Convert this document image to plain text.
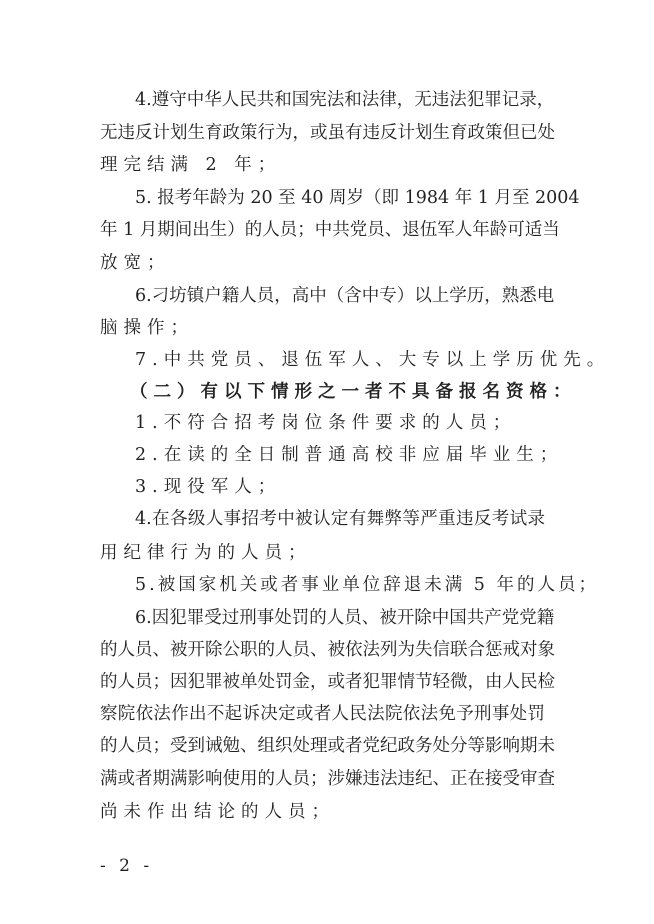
4.遵守中华人民共和国宪法和法律，无违法犯罪记录，
无违反计划生育政策行为，或虽有违反计划生育政策但已处
理完结满 2 年；
5. 报考年龄为 20 至 40 周岁（即 1984 年 1 月至 2004
年 1 月期间出生）的人员；中共党员、退伍军人年龄可适当
放宽；
6.刁坊镇户籍人员，高中（含中专）以上学历，熟悉电
脑操作；
7.中共党员、退伍军人、大专以上学历优先。
（二）有以下情形之一者不具备报名资格：
1.不符合招考岗位条件要求的人员；
2.在读的全日制普通高校非应届毕业生；
3.现役军人；
4.在各级人事招考中被认定有舞弊等严重违反考试录
用纪律行为的人员；
5.被国家机关或者事业单位辞退未满 5 年的人员；
6.因犯罪受过刑事处罚的人员、被开除中国共产党党籍
的人员、被开除公职的人员、被依法列为失信联合惩戒对象
的人员；因犯罪被单处罚金，或者犯罪情节轻微，由人民检
察院依法作出不起诉决定或者人民法院依法免予刑事处罚
的人员；受到诫勉、组织处理或者党纪政务处分等影响期未
满或者期满影响使用的人员；涉嫌违法违纪、正在接受审查
尚未作出结论的人员；
- 2 -
